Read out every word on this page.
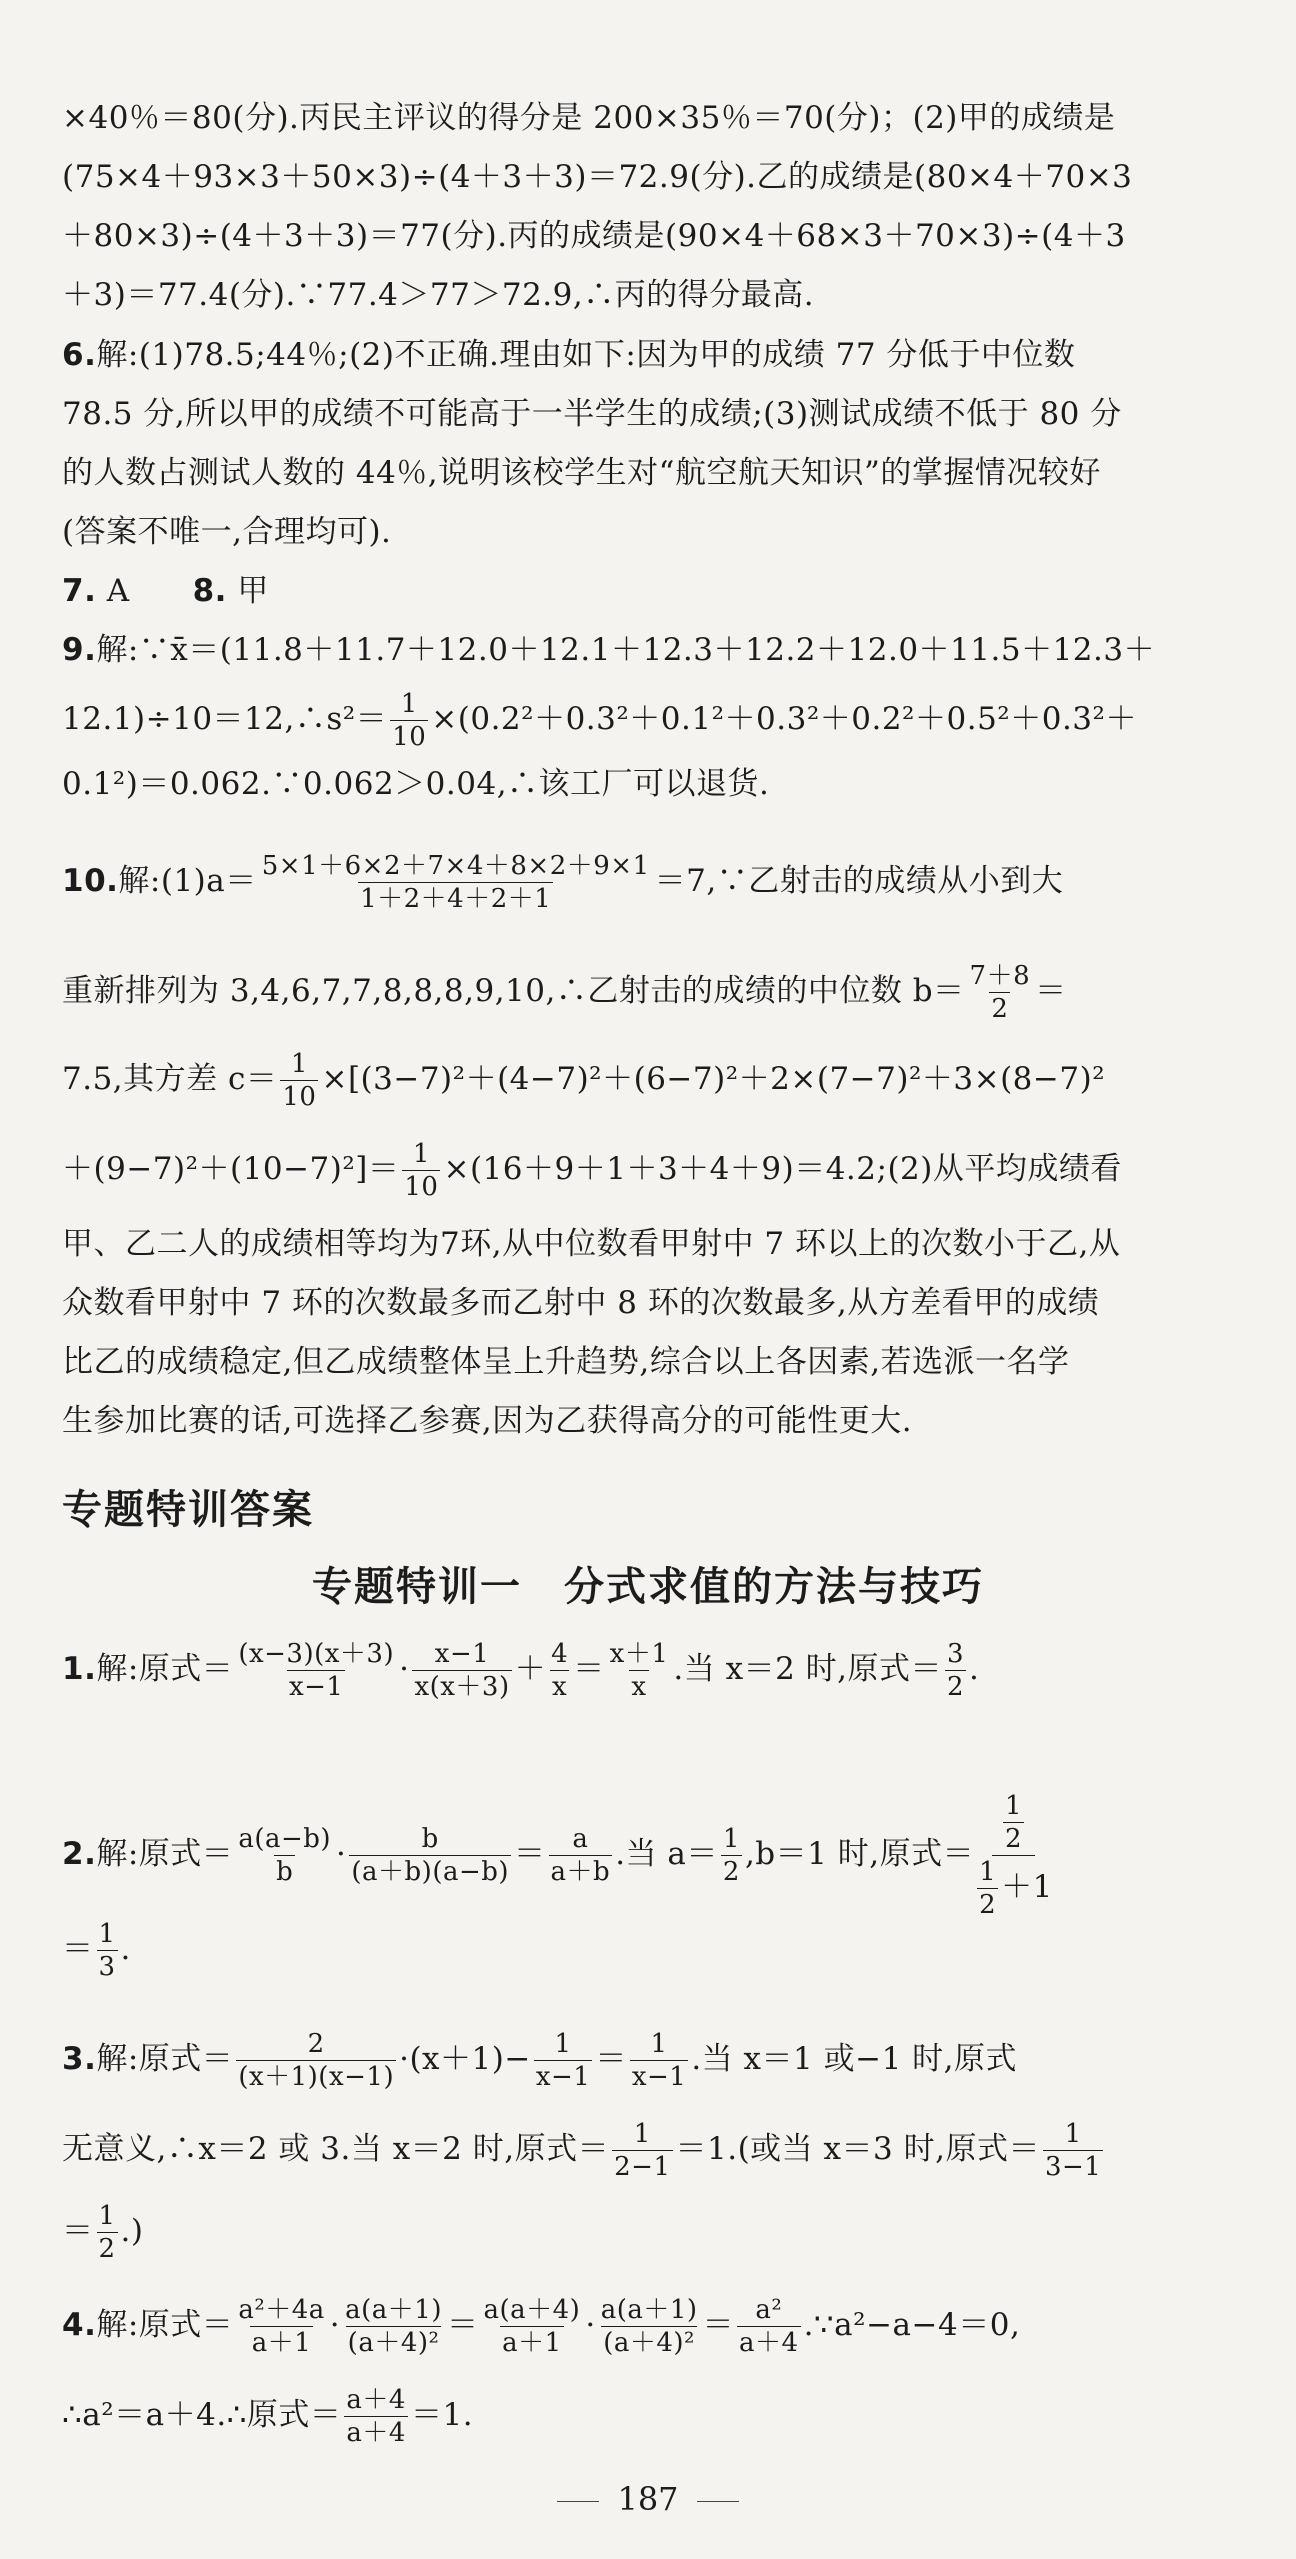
×40％＝80(分).丙民主评议的得分是 200×35％＝70(分)；(2)甲的成绩是
(75×4＋93×3＋50×3)÷(4＋3＋3)＝72.9(分).乙的成绩是(80×4＋70×3
＋80×3)÷(4＋3＋3)＝77(分).丙的成绩是(90×4＋68×3＋70×3)÷(4＋3
＋3)＝77.4(分).∵77.4＞77＞72.9,∴丙的得分最高.
6.解:(1)78.5;44％;(2)不正确.理由如下:因为甲的成绩 77 分低于中位数
78.5 分,所以甲的成绩不可能高于一半学生的成绩;(3)测试成绩不低于 80 分
的人数占测试人数的 44％,说明该校学生对“航空航天知识”的掌握情况较好
(答案不唯一,合理均可).
7. A　　8. 甲
9.解:∵x̄＝(11.8＋11.7＋12.0＋12.1＋12.3＋12.2＋12.0＋11.5＋12.3＋
12.1)÷10＝12,∴s²＝ $\frac{1}{10} \times(0.2^2+0.3^2+0.1^2+0.3^2+0.2^2+0.5^2+0.3^2+$
0.1²)＝0.062.∵0.062＞0.04,∴该工厂可以退货.
10.解:(1)a＝ $\frac{5\times 1+6\times 2+7\times 4+8\times 2+9\times 1}{1+2+4+2+1}$ ＝7,∵乙射击的成绩从小到大
重新排列为 3,4,6,7,7,8,8,8,9,10,∴乙射击的成绩的中位数 $b= \frac{7+8}{2}$ ＝
7.5,其方差 $c= \frac{1}{10} \times[(3-7)^2+(4-7)^2+(6-7)^2+2\times(7-7)^2+3\times(8-7)^2$
$+(9-7)^2+(10-7)^2]= \frac{1}{10}$ ×(16＋9＋1＋3＋4＋9)＝4.2;(2)从平均成绩看
甲、乙二人的成绩相等均为7环,从中位数看甲射中 7 环以上的次数小于乙,从
众数看甲射中 7 环的次数最多而乙射中 8 环的次数最多,从方差看甲的成绩
比乙的成绩稳定,但乙成绩整体呈上升趋势,综合以上各因素,若选派一名学
生参加比赛的话,可选择乙参赛,因为乙获得高分的可能性更大.
专题特训答案
专题特训一　分式求值的方法与技巧
1.解:原式＝ $\frac{(x-3)(x+3)}{x-1} \cdot \frac{x-1}{x(x+3)} + \frac{4}{x} = \frac{x+1}{x}$ .当 x＝2 时,原式＝ $\frac{3}{2}$ .
2.解:原式＝ $\frac{a(a-b)}{b} \cdot \frac{b}{(a+b)(a-b)} = \frac{a}{a+b}$ .当 $a= \frac{1}{2} ,b=1$ 时,原式＝ $\frac{\frac{1}{2}}{\frac{1}{2} +1}$
＝ $\frac{1}{3}$ .
3.解:原式＝ $\frac{2}{(x+1)(x-1)} \cdot(x+1)- \frac{1}{x-1} = \frac{1}{x-1}$ .当 x＝1 或−1 时,原式
无意义,∴x＝2 或 3.当 x＝2 时,原式＝ $\frac{1}{2-1} =1$.(或当 x＝3 时,原式＝ $\frac{1}{3-1}$
＝ $\frac{1}{2}$ .)
4.解:原式＝ $\frac{\text{a²＋4a}}{a+1} \cdot \frac{a(a+1)}{\text{(a＋4)²}} = \frac{a(a+4)}{a+1} \cdot \frac{a(a+1)}{\text{(a＋4)²}} = \frac{\text{a²}}{a+4}$ .∵a²−a−4＝0,
∴a²＝a＋4.∴原式＝ $\frac{a+4}{a+4} =1$.
187
